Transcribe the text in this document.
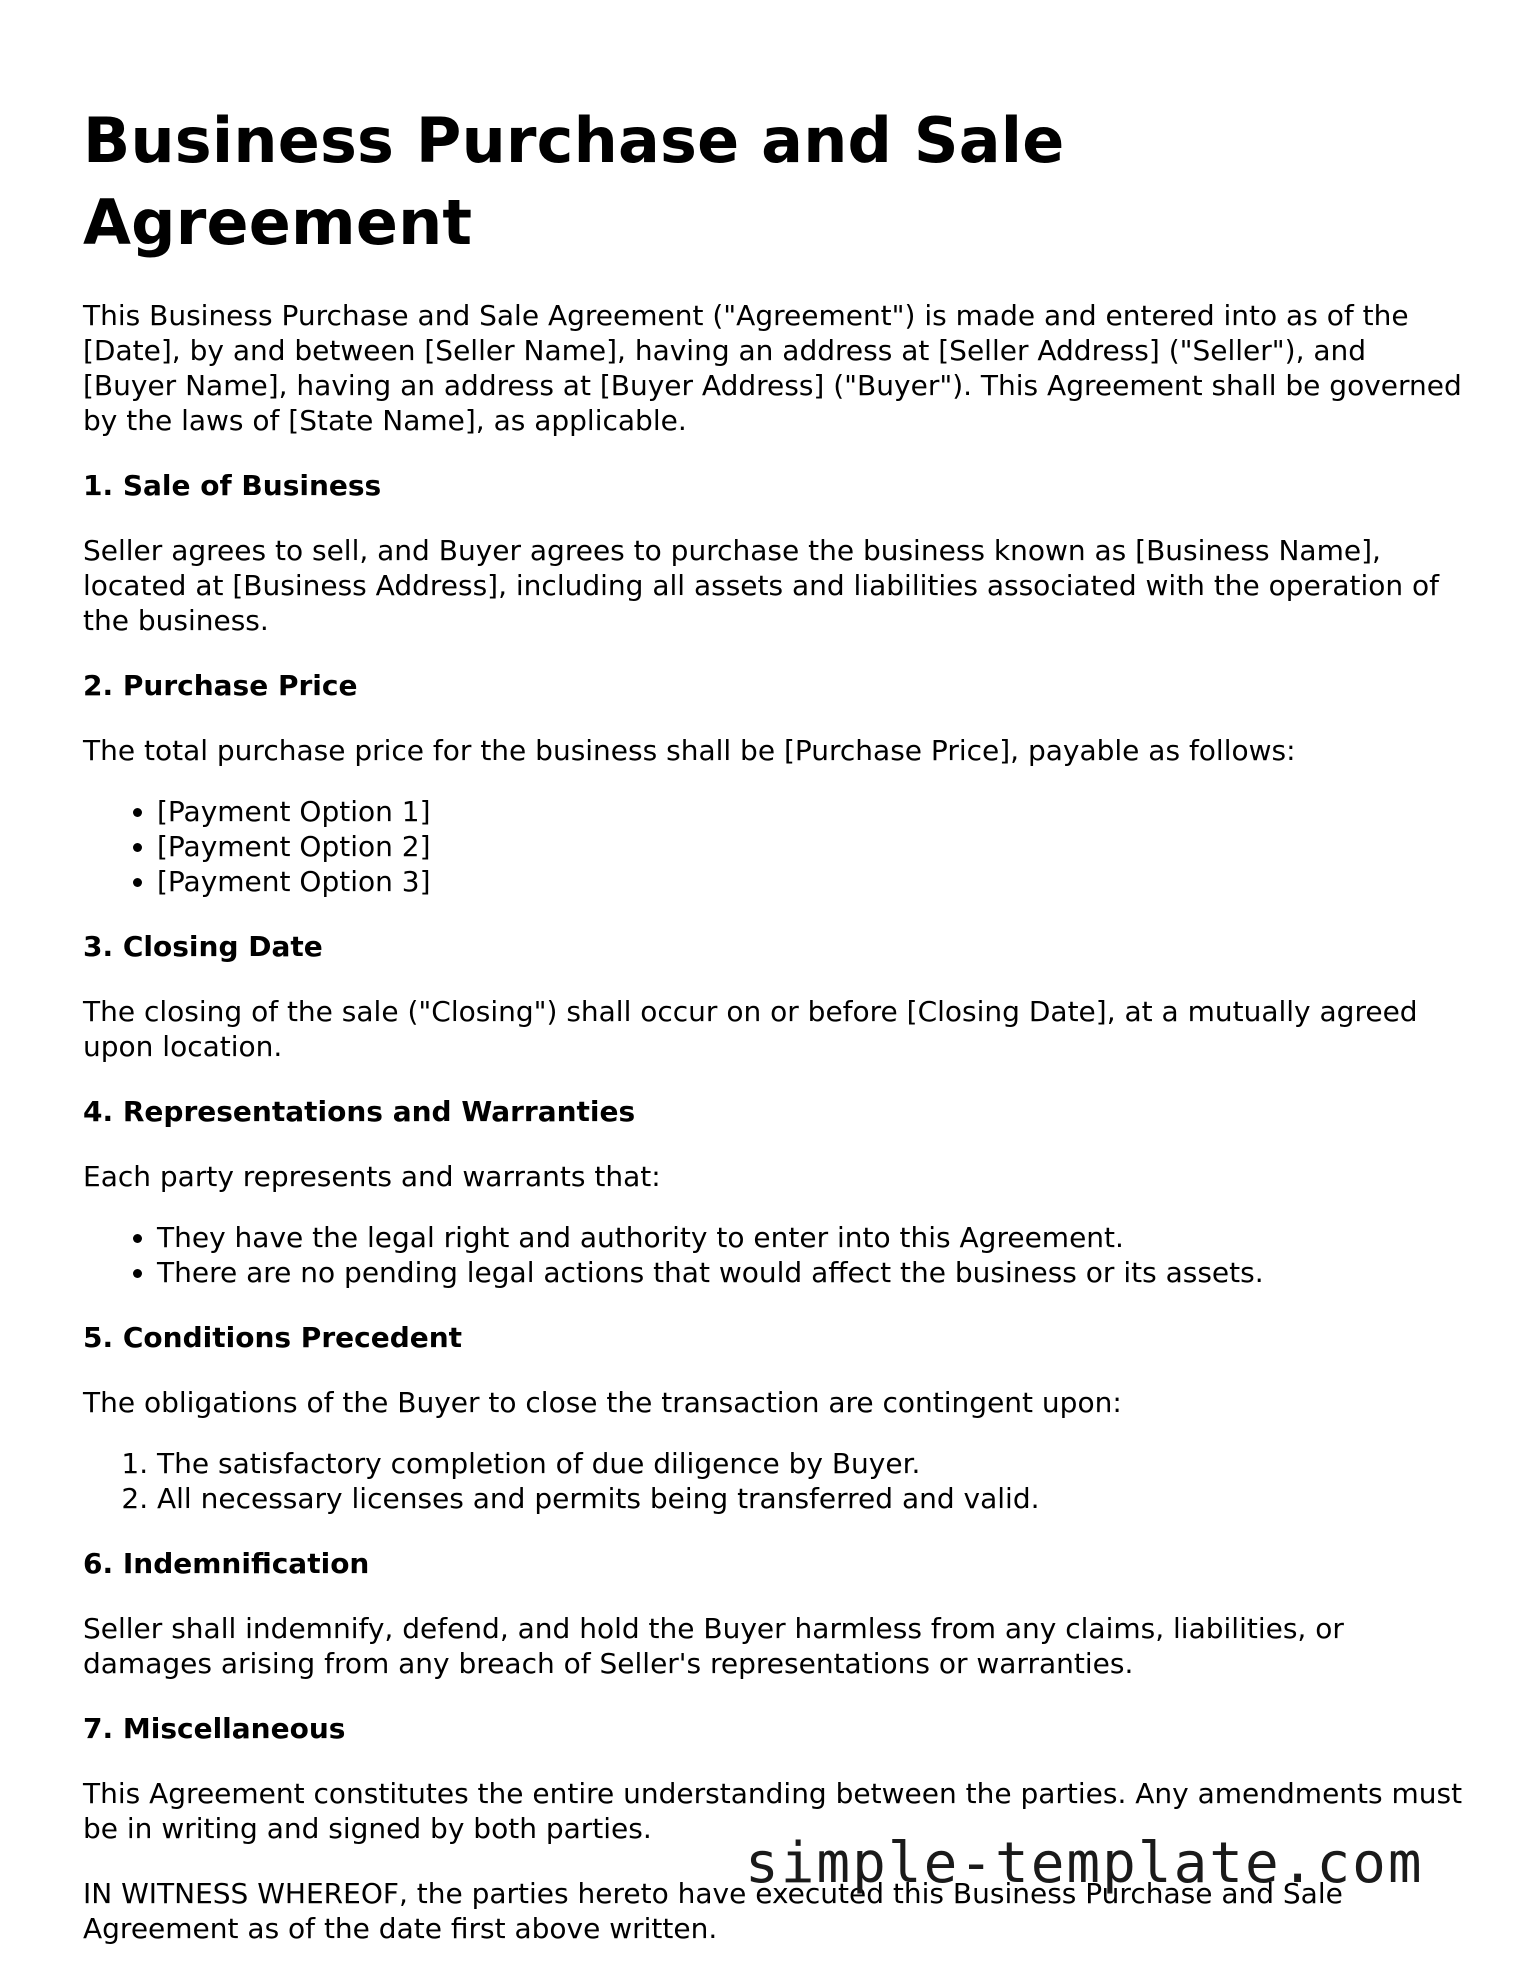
Business Purchase and Sale Agreement

This Business Purchase and Sale Agreement ("Agreement") is made and entered into as of the [Date], by and between [Seller Name], having an address at [Seller Address] ("Seller"), and [Buyer Name], having an address at [Buyer Address] ("Buyer"). This Agreement shall be governed by the laws of [State Name], as applicable.

1. Sale of Business

Seller agrees to sell, and Buyer agrees to purchase the business known as [Business Name], located at [Business Address], including all assets and liabilities associated with the operation of the business.

2. Purchase Price

The total purchase price for the business shall be [Purchase Price], payable as follows:

• [Payment Option 1]
• [Payment Option 2]
• [Payment Option 3]
3. Closing Date

The closing of the sale ("Closing") shall occur on or before [Closing Date], at a mutually agreed upon location.

4. Representations and Warranties

Each party represents and warrants that:

• They have the legal right and authority to enter into this Agreement.
• There are no pending legal actions that would affect the business or its assets.
5. Conditions Precedent

The obligations of the Buyer to close the transaction are contingent upon:

1. The satisfactory completion of due diligence by Buyer.
2. All necessary licenses and permits being transferred and valid.
6. Indemnification

Seller shall indemnify, defend, and hold the Buyer harmless from any claims, liabilities, or damages arising from any breach of Seller's representations or warranties.

7. Miscellaneous

This Agreement constitutes the entire understanding between the parties. Any amendments must be in writing and signed by both parties.

IN WITNESS WHEREOF, the parties hereto have executed this Business Purchase and Sale Agreement as of the date first above written.

simple-template.com
